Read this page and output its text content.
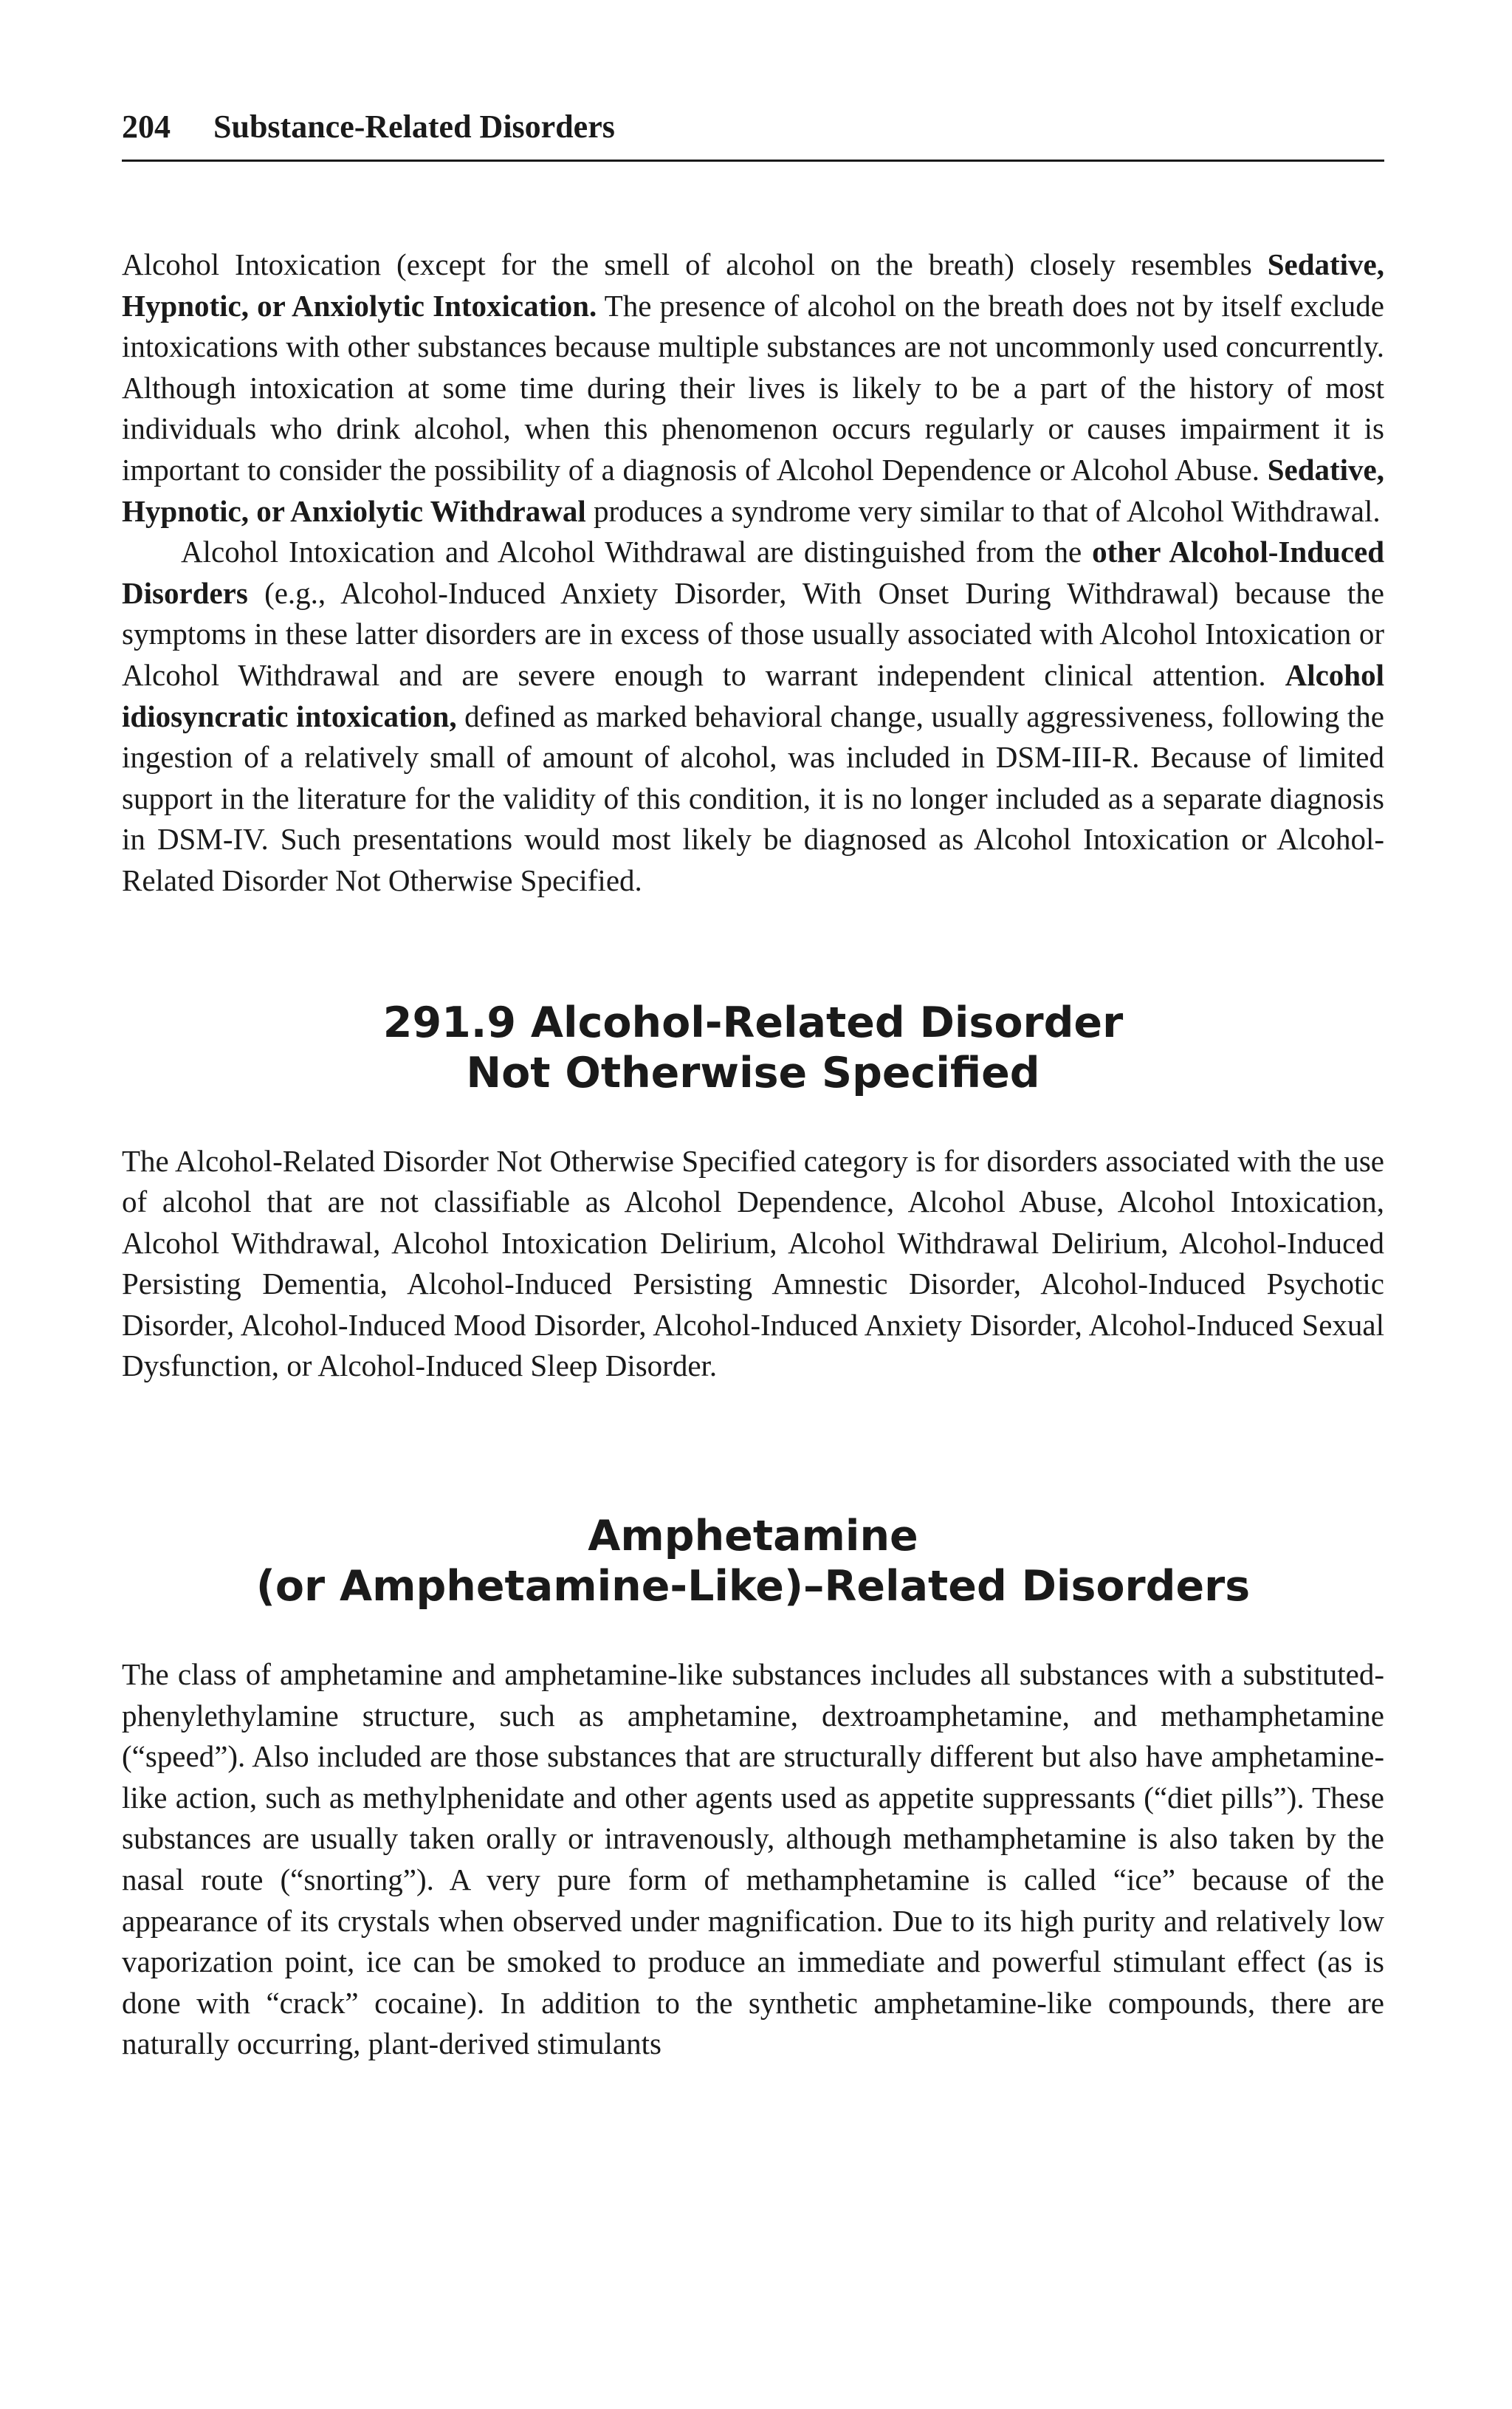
204 Substance-Related Disorders

Alcohol Intoxication (except for the smell of alcohol on the breath) closely resembles Sedative, Hypnotic, or Anxiolytic Intoxication. The presence of alcohol on the breath does not by itself exclude intoxications with other substances because multiple substances are not uncommonly used concurrently. Although intoxication at some time during their lives is likely to be a part of the history of most individuals who drink alcohol, when this phenomenon occurs regularly or causes impairment it is important to consider the possibility of a diagnosis of Alcohol Dependence or Alcohol Abuse. Sedative, Hypnotic, or Anxiolytic Withdrawal produces a syndrome very similar to that of Alcohol Withdrawal.

Alcohol Intoxication and Alcohol Withdrawal are distinguished from the other Alcohol-Induced Disorders (e.g., Alcohol-Induced Anxiety Disorder, With Onset During Withdrawal) because the symptoms in these latter disorders are in excess of those usually associated with Alcohol Intoxication or Alcohol Withdrawal and are severe enough to warrant independent clinical attention. Alcohol idiosyncratic intoxication, defined as marked behavioral change, usually aggressiveness, following the ingestion of a relatively small of amount of alcohol, was included in DSM-III-R. Because of limited support in the literature for the validity of this condition, it is no longer included as a separate diagnosis in DSM-IV. Such presentations would most likely be diagnosed as Alcohol Intoxication or Alcohol-Related Disorder Not Otherwise Specified.

291.9 Alcohol-Related Disorder
Not Otherwise Specified

The Alcohol-Related Disorder Not Otherwise Specified category is for disorders associated with the use of alcohol that are not classifiable as Alcohol Dependence, Alcohol Abuse, Alcohol Intoxication, Alcohol Withdrawal, Alcohol Intoxication Delirium, Alcohol Withdrawal Delirium, Alcohol-Induced Persisting Dementia, Alcohol-Induced Persisting Amnestic Disorder, Alcohol-Induced Psychotic Disorder, Alcohol-Induced Mood Disorder, Alcohol-Induced Anxiety Disorder, Alcohol-Induced Sexual Dysfunction, or Alcohol-Induced Sleep Disorder.

Amphetamine
(or Amphetamine-Like)–Related Disorders

The class of amphetamine and amphetamine-like substances includes all substances with a substituted-phenylethylamine structure, such as amphetamine, dextroamphetamine, and methamphetamine (“speed”). Also included are those substances that are structurally different but also have amphetamine-like action, such as methylphenidate and other agents used as appetite suppressants (“diet pills”). These substances are usually taken orally or intravenously, although methamphetamine is also taken by the nasal route (“snorting”). A very pure form of methamphetamine is called “ice” because of the appearance of its crystals when observed under magnification. Due to its high purity and relatively low vaporization point, ice can be smoked to produce an immediate and powerful stimulant effect (as is done with “crack” cocaine). In addition to the synthetic amphetamine-like compounds, there are naturally occurring, plant-derived stimulants
